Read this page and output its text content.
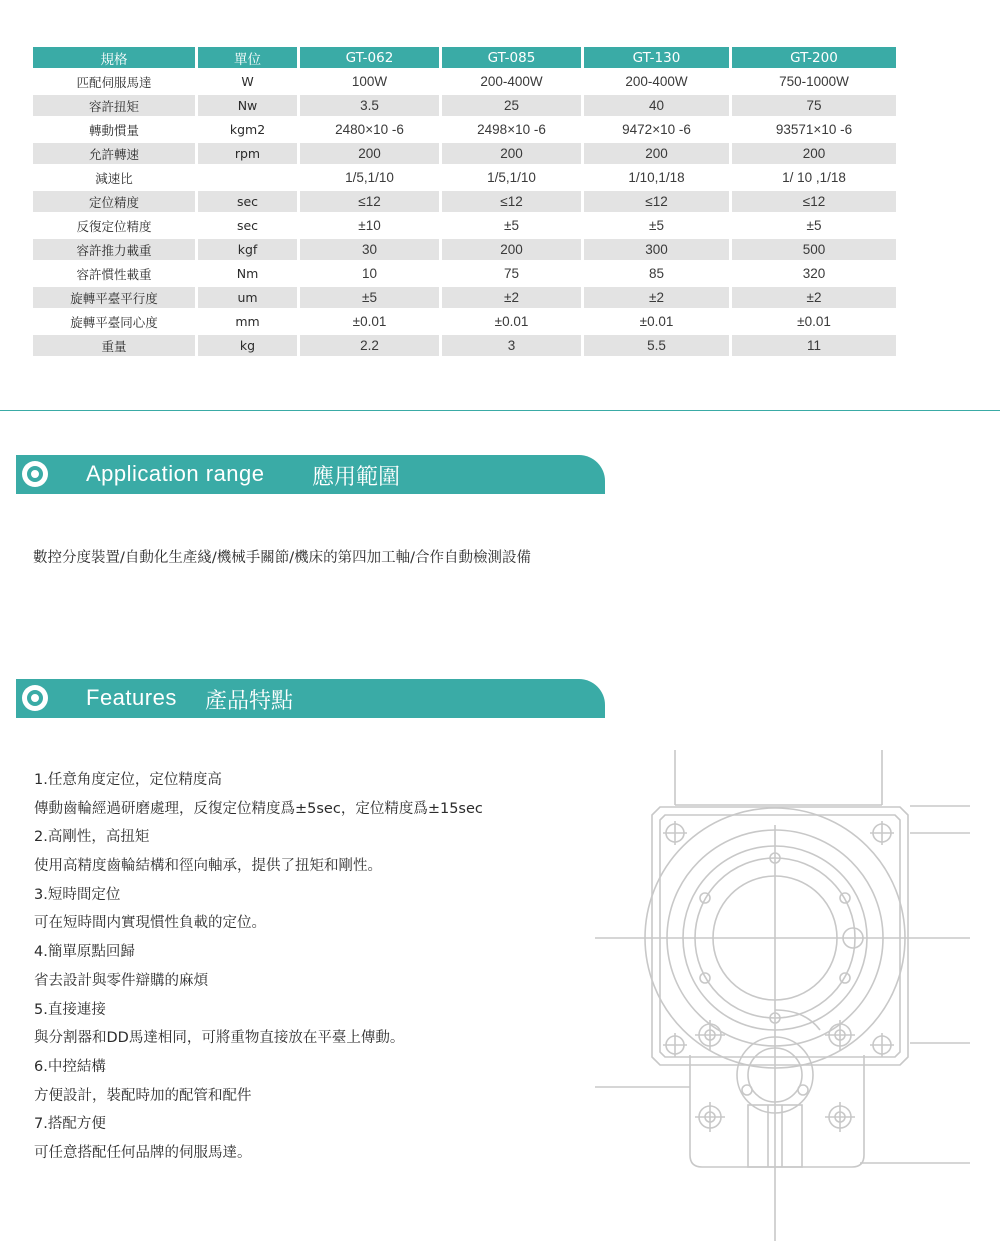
規格	單位	GT-062	GT-085	GT-130	GT-200
匹配伺服馬達	W	100W	200-400W	200-400W	750-1000W
容許扭矩	Nw	3.5	25	40	75
轉動慣量	kgm2	2480×10 -6	2498×10 -6	9472×10 -6	93571×10 -6
允許轉速	rpm	200	200	200	200
減速比		1/5,1/10	1/5,1/10	1/10,1/18	1/ 10 ,1/18
定位精度	sec	≤12	≤12	≤12	≤12
反復定位精度	sec	±10	±5	±5	±5
容許推力載重	kgf	30	200	300	500
容許慣性載重	Nm	10	75	85	320
旋轉平臺平行度	um	±5	±2	±2	±2
旋轉平臺同心度	mm	±0.01	±0.01	±0.01	±0.01
重量	kg	2.2	3	5.5	11
Application range 應用範圍
數控分度裝置/自動化生產綫/機械手關節/機床的第四加工軸/合作自動檢測設備
Features 產品特點
1.任意角度定位，定位精度高
傳動齒輪經過研磨處理，反復定位精度爲±5sec，定位精度爲±15sec
2.高剛性，高扭矩
使用高精度齒輪結構和徑向軸承，提供了扭矩和剛性。
3.短時間定位
可在短時間内實現慣性負載的定位。
4.簡單原點回歸
省去設計與零件辯購的麻煩
5.直接連接
與分割器和DD馬達相同，可將重物直接放在平臺上傳動。
6.中控結構
方便設計，裝配時加的配管和配件
7.搭配方便
可任意搭配任何品牌的伺服馬達。
